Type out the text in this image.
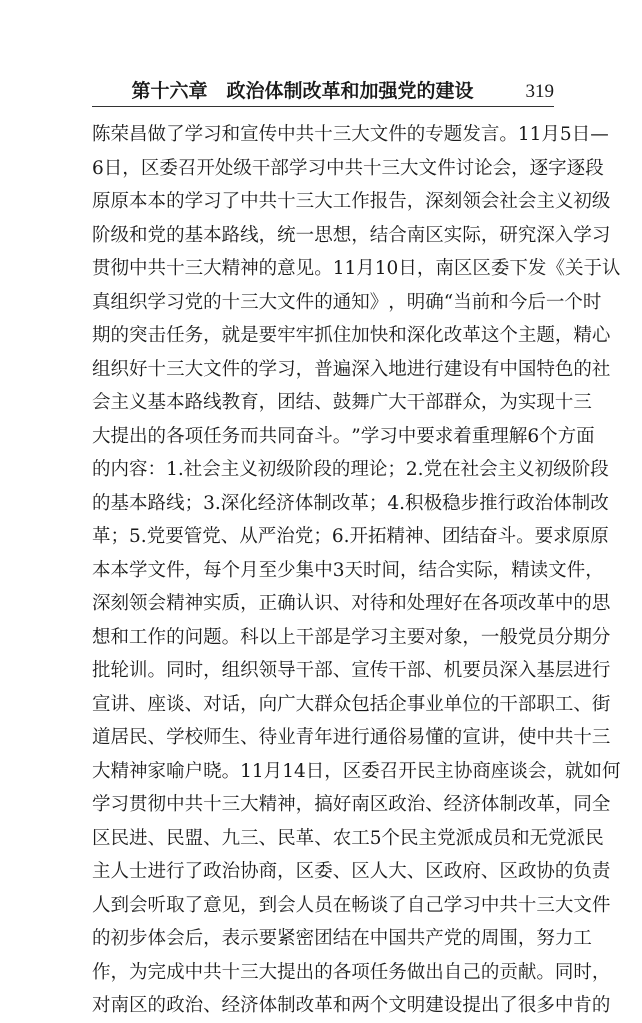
第十六章　政治体制改革和加强党的建设	319
陈 荣 昌 做 了 学 习 和 宣 传 中 共 十 三 大 文 件 的 专 题 发 言 。 11 月 5 日 —
6 日 ， 区 委 召 开 处 级 干 部 学 习 中 共 十 三 大 文 件 讨 论 会 ， 逐 字 逐 段
原 原 本 本 的 学 习 了 中 共 十 三 大 工 作 报 告 ， 深 刻 领 会 社 会 主 义 初 级
阶 级 和 党 的 基 本 路 线 ， 统 一 思 想 ， 结 合 南 区 实 际 ， 研 究 深 入 学 习
贯 彻 中 共 十 三 大 精 神 的 意 见 。 11 月 10 日 ， 南 区 区 委 下 发 《 关 于 认
真 组 织 学 习 党 的 十 三 大 文 件 的 通 知 》 ， 明 确 “ 当 前 和 今 后 一 个 时
期 的 突 击 任 务 ， 就 是 要 牢 牢 抓 住 加 快 和 深 化 改 革 这 个 主 题 ， 精 心
组 织 好 十 三 大 文 件 的 学 习 ， 普 遍 深 入 地 进 行 建 设 有 中 国 特 色 的 社
会 主 义 基 本 路 线 教 育 ， 团 结 、 鼓 舞 广 大 干 部 群 众 ， 为 实 现 十 三
大 提 出 的 各 项 任 务 而 共 同 奋 斗 。 ” 学 习 中 要 求 着 重 理 解 6 个 方 面
的 内 容 ： 1. 社 会 主 义 初 级 阶 段 的 理 论 ； 2. 党 在 社 会 主 义 初 级 阶 段
的 基 本 路 线 ； 3. 深 化 经 济 体 制 改 革 ； 4. 积 极 稳 步 推 行 政 治 体 制 改
革 ； 5. 党 要 管 党 、 从 严 治 党 ； 6. 开 拓 精 神 、 团 结 奋 斗 。 要 求 原 原
本 本 学 文 件 ， 每 个 月 至 少 集 中 3 天 时 间 ， 结 合 实 际 ， 精 读 文 件 ，
深 刻 领 会 精 神 实 质 ， 正 确 认 识 、 对 待 和 处 理 好 在 各 项 改 革 中 的 思
想 和 工 作 的 问 题 。 科 以 上 干 部 是 学 习 主 要 对 象 ， 一 般 党 员 分 期 分
批 轮 训 。 同 时 ， 组 织 领 导 干 部 、 宣 传 干 部 、 机 要 员 深 入 基 层 进 行
宣 讲 、 座 谈 、 对 话 ， 向 广 大 群 众 包 括 企 事 业 单 位 的 干 部 职 工 、 街
道 居 民 、 学 校 师 生 、 待 业 青 年 进 行 通 俗 易 懂 的 宣 讲 ， 使 中 共 十 三
大 精 神 家 喻 户 晓 。 11 月 14 日 ， 区 委 召 开 民 主 协 商 座 谈 会 ， 就 如 何
学 习 贯 彻 中 共 十 三 大 精 神 ， 搞 好 南 区 政 治 、 经 济 体 制 改 革 ， 同 全
区 民 进 、 民 盟 、 九 三 、 民 革 、 农 工 5 个 民 主 党 派 成 员 和 无 党 派 民
主 人 士 进 行 了 政 治 协 商 ， 区 委 、 区 人 大 、 区 政 府 、 区 政 协 的 负 责
人 到 会 听 取 了 意 见 ， 到 会 人 员 在 畅 谈 了 自 己 学 习 中 共 十 三 大 文 件
的 初 步 体 会 后 ， 表 示 要 紧 密 团 结 在 中 国 共 产 党 的 周 围 ， 努 力 工
作 ， 为 完 成 中 共 十 三 大 提 出 的 各 项 任 务 做 出 自 己 的 贡 献 。 同 时 ，
对 南 区 的 政 治 、 经 济 体 制 改 革 和 两 个 文 明 建 设 提 出 了 很 多 中 肯 的
